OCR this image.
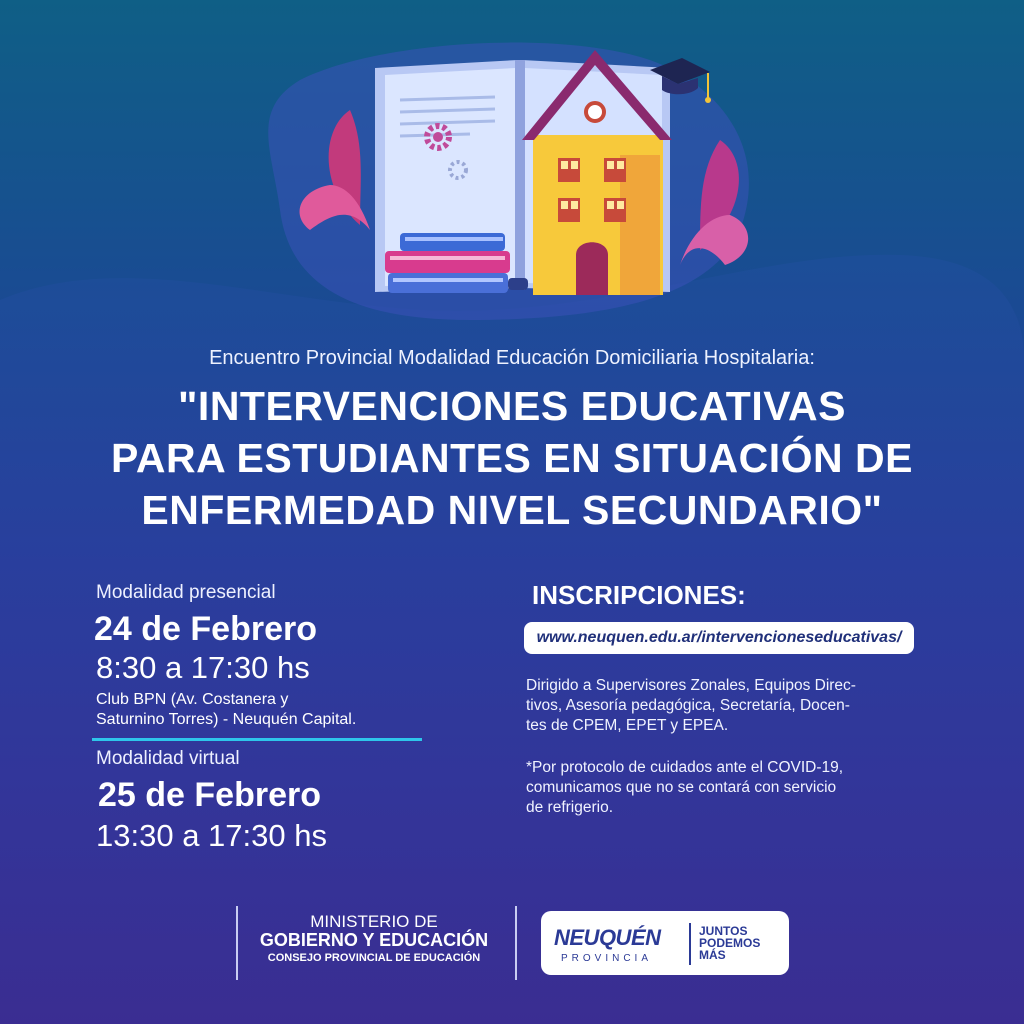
Encuentro Provincial Modalidad Educación Domiciliaria Hospitalaria:

"INTERVENCIONES EDUCATIVAS
PARA ESTUDIANTES EN SITUACIÓN DE
ENFERMEDAD NIVEL SECUNDARIO"

Modalidad presencial

24 de Febrero

8:30 a 17:30 hs

Club BPN (Av. Costanera y

Saturnino Torres) - Neuquén Capital.

Modalidad virtual

25 de Febrero

13:30 a 17:30 hs

INSCRIPCIONES:

www.neuquen.edu.ar/intervencioneseducativas/

Dirigido a Supervisores Zonales, Equipos Direc-

tivos, Asesoría pedagógica, Secretaría, Docen-

tes de CPEM, EPET y EPEA.

*Por protocolo de cuidados ante el COVID-19,

comunicamos que no se contará con servicio

de refrigerio.

MINISTERIO DE

GOBIERNO Y EDUCACIÓN

CONSEJO PROVINCIAL DE EDUCACIÓN

NEUQUÉN

PROVINCIA

JUNTOS
PODEMOS
MÁS
